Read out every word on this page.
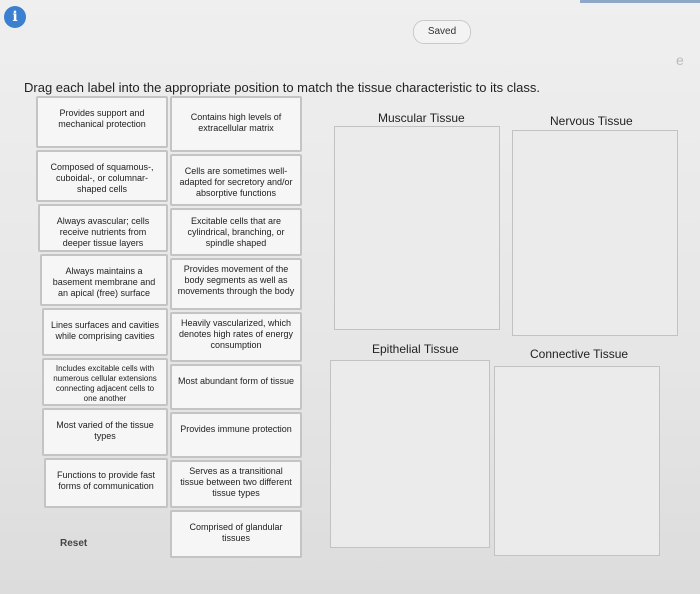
i
Saved
e
Drag each label into the appropriate position to match the tissue characteristic to its class.
Provides support and mechanical protection
Composed of squamous-, cuboidal-, or columnar-shaped cells
Always avascular; cells receive nutrients from deeper tissue layers
Always maintains a basement membrane and an apical (free) surface
Lines surfaces and cavities while comprising cavities
Includes excitable cells with numerous cellular extensions connecting adjacent cells to one another
Most varied of the tissue types
Functions to provide fast forms of communication
Contains high levels of extracellular matrix
Cells are sometimes well-adapted for secretory and/or absorptive functions
Excitable cells that are cylindrical, branching, or spindle shaped
Provides movement of the body segments as well as movements through the body
Heavily vascularized, which denotes high rates of energy consumption
Most abundant form of tissue
Provides immune protection
Serves as a transitional tissue between two different tissue types
Comprised of glandular tissues
Reset
Muscular Tissue	Nervous Tissue
Epithelial Tissue	Connective Tissue
